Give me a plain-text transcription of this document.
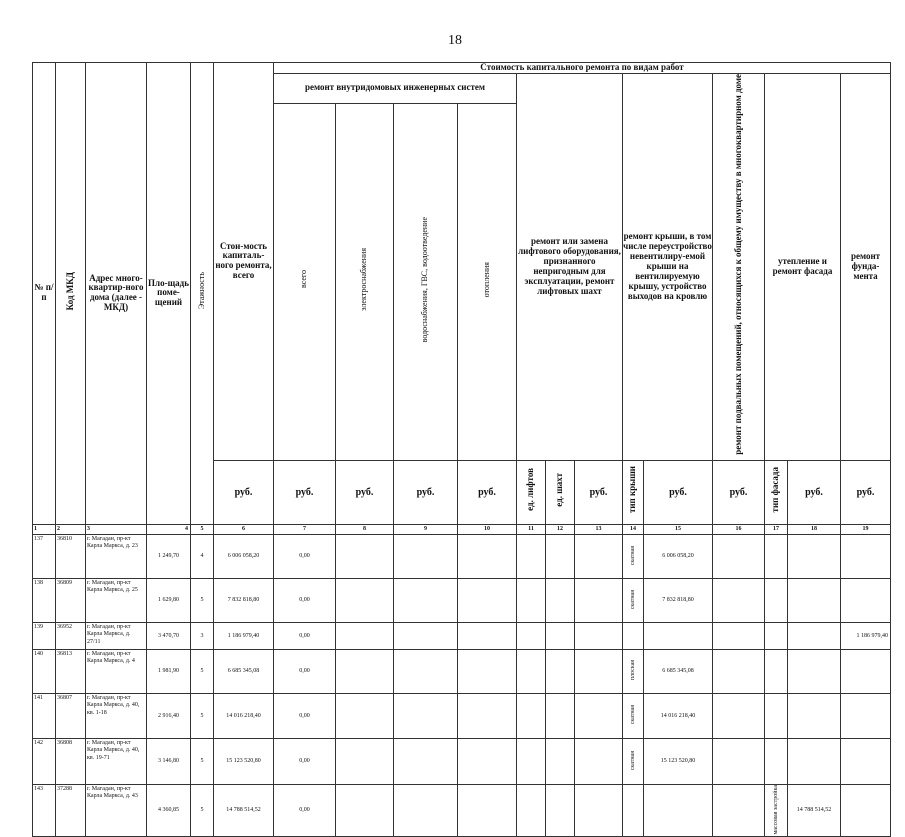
18
№ п/п	Код МКД	Адрес много-квартир-ного дома (далее - МКД)	Пло-щадь поме-щений	Этажность	Стои-мость капиталь-ного ремонта, всего	Стоимость капитального ремонта по видам работ												
						ремонт внутридомовых инженерных систем				ремонт или замена лифтового оборудования, признанного непригодным для эксплуатации, ремонт лифтовых шахт			ремонт крыши, в том числе переустройство невентилиру-емой крыши на вентилируемую крышу, устройство выходов на кровлю		ремонт подвальных помещений, относящихся к общему имуществу в многоквартирном доме	утепление и ремонт фасада		ремонт фунда-мента
						всего	электроснабжения	водоснабжения, ГВС, водоотведение	отопления									
					руб.	руб.	руб.	руб.	руб.	ед. лифтов	ед. шахт	руб.	тип крыши	руб.	руб.	тип фасада	руб.	руб.
1	2	3	4	5	6	7	8	9	10	11	12	13	14	15	16	17	18	19
137	36810	г. Магадан, пр-кт Карла Маркса, д. 23	1 249,70	4	6 006 058,20	0,00							скатная	6 006 058,20				
138	36809	г. Магадан, пр-кт Карла Маркса, д. 25	1 629,80	5	7 832 818,80	0,00							скатная	7 832 818,80				
139	36952	г. Магадан, пр-кт Карла Маркса, д. 27/11	3 470,70	3	1 186 979,40	0,00												1 186 979,40
140	36813	г. Магадан, пр-кт Карла Маркса, д. 4	1 981,90	5	6 685 345,08	0,00							плоская	6 685 345,08				
141	36807	г. Магадан, пр-кт Карла Маркса, д. 40, кв. 1-18	2 916,40	5	14 016 218,40	0,00							скатная	14 016 218,40				
142	36808	г. Магадан, пр-кт Карла Маркса, д. 40, кв. 19-71	3 146,80	5	15 123 520,80	0,00							скатная	15 123 520,80				
143	37288	г. Магадан, пр-кт Карла Маркса, д. 43	4 360,85	5	14 788 514,52	0,00										массовая застройка	14 788 514,52	
